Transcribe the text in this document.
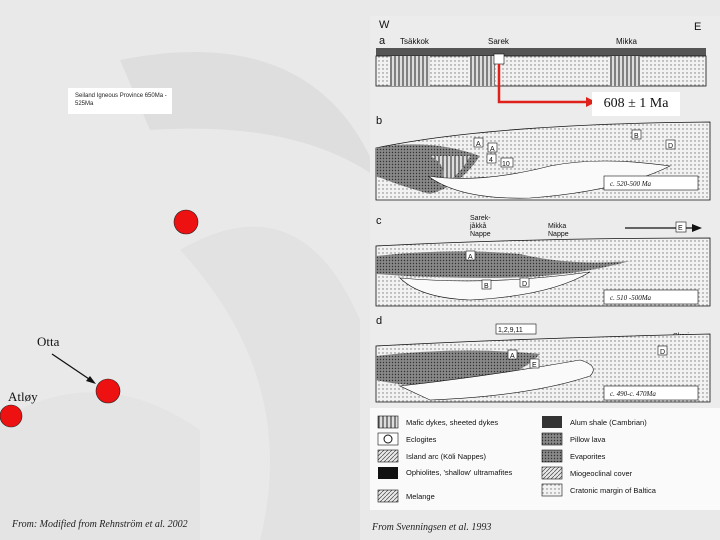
Seiland Igneous Province 650Ma - 525Ma
Otta
Atløy
From: Modified from Rehnström et al. 2002
W	E
a Tsäkkok	Sarek	Mikka
b
A
A
4
10
B
D
c. 520-500 Ma
c	Sarek-
jåkkå
Nappe
Mikka
Nappe
E
A
B	D
c. 510 -500Ma
d
1,2,9,11
A
E
D
c. 490-c. 470Ma
Mafic dykes, sheeted dykes
Eclogites
Island arc (Köli Nappes)
Ophiolites, 'shallow' ultramafites
Melange
Alum shale (Cambrian)
Pillow lava
Evaporites
Miogeoclinal cover
Cratonic margin of Baltica
608 ± 1 Ma
From Svenningsen et al. 1993
